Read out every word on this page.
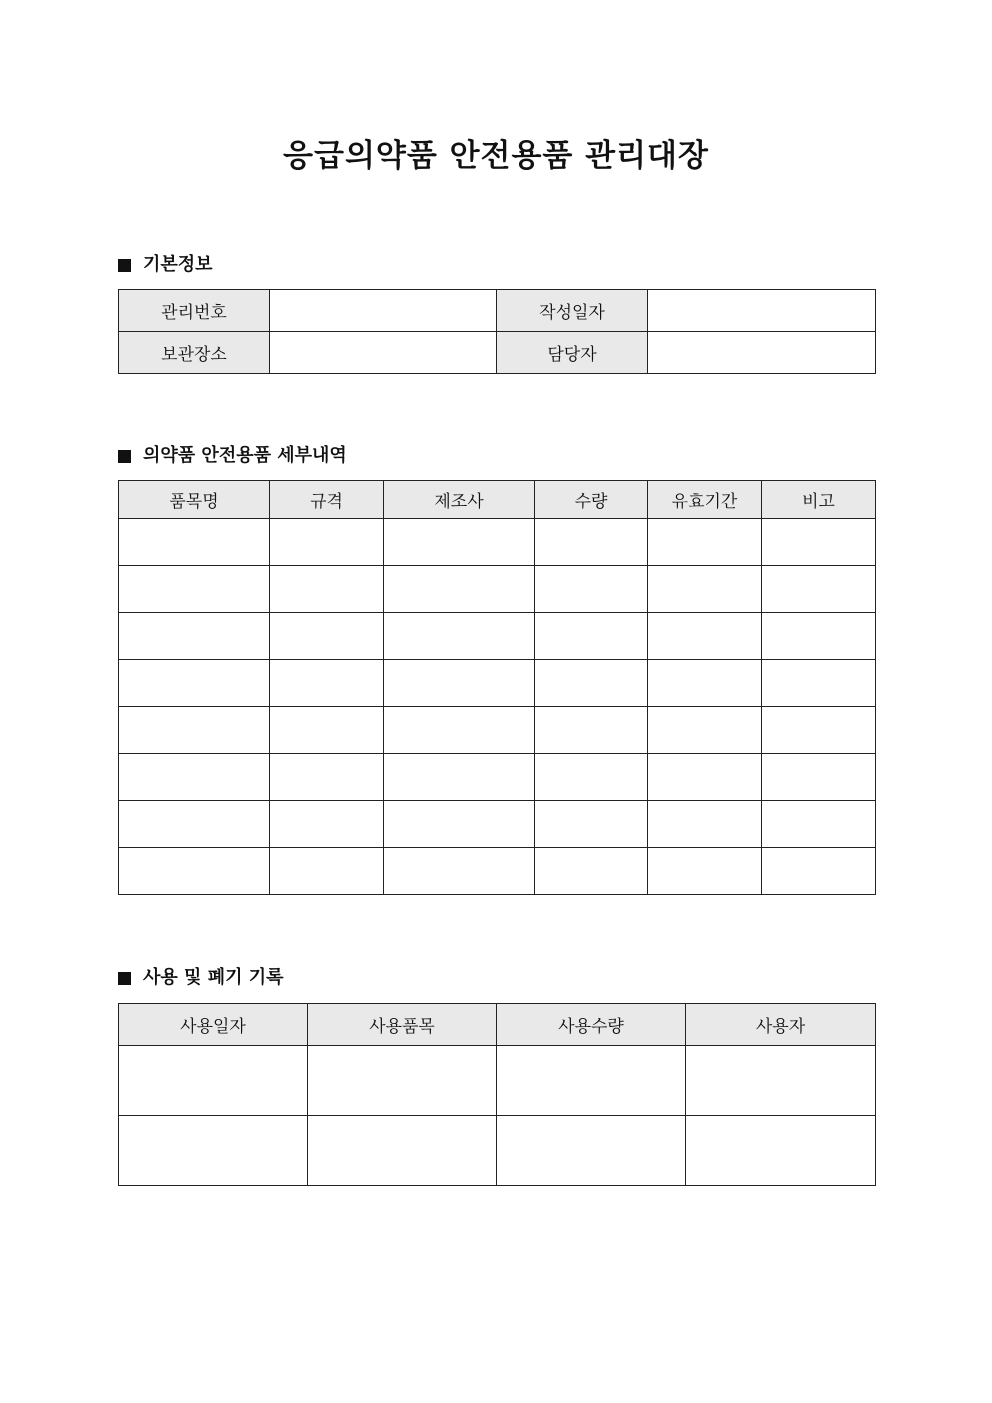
응급의약품 안전용품 관리대장
기본정보
관리번호		작성일자	
보관장소		담당자	
의약품 안전용품 세부내역
품목명	규격	제조사	수량	유효기간	비고

사용 및 폐기 기록
사용일자	사용품목	사용수량	사용자
